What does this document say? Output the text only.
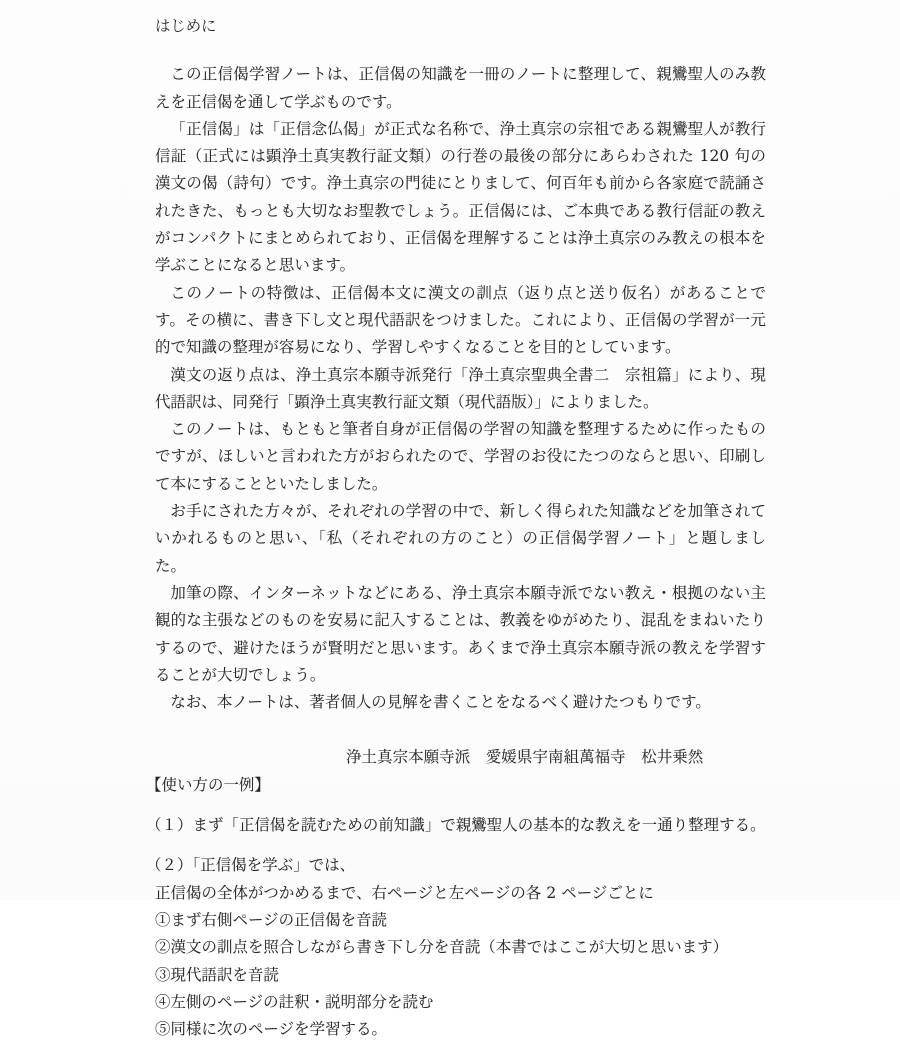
はじめに

この正信偈学習ノートは、正信偈の知識を一冊のノートに整理して、親鸞聖人のみ教えを正信偈を通して学ぶものです。

「正信偈」は「正信念仏偈」が正式な名称で、浄土真宗の宗祖である親鸞聖人が教行信証（正式には顕浄土真実教行証文類）の行巻の最後の部分にあらわされた 120 句の漢文の偈（詩句）です。浄土真宗の門徒にとりまして、何百年も前から各家庭で読誦されたきた、もっとも大切なお聖教でしょう。正信偈には、ご本典である教行信証の教えがコンパクトにまとめられており、正信偈を理解することは浄土真宗のみ教えの根本を学ぶことになると思います。

このノートの特徴は、正信偈本文に漢文の訓点（返り点と送り仮名）があることです。その横に、書き下し文と現代語訳をつけました。これにより、正信偈の学習が一元的で知識の整理が容易になり、学習しやすくなることを目的としています。

漢文の返り点は、浄土真宗本願寺派発行「浄土真宗聖典全書二　宗祖篇」により、現代語訳は、同発行「顕浄土真実教行証文類（現代語版）」によりました。

このノートは、もともと筆者自身が正信偈の学習の知識を整理するために作ったものですが、ほしいと言われた方がおられたので、学習のお役にたつのならと思い、印刷して本にすることといたしました。

お手にされた方々が、それぞれの学習の中で、新しく得られた知識などを加筆されていかれるものと思い、「私（それぞれの方のこと）の正信偈学習ノート」と題しました。

加筆の際、インターネットなどにある、浄土真宗本願寺派でない教え・根拠のない主観的な主張などのものを安易に記入することは、教義をゆがめたり、混乱をまねいたりするので、避けたほうが賢明だと思います。あくまで浄土真宗本願寺派の教えを学習することが大切でしょう。

なお、本ノートは、著者個人の見解を書くことをなるべく避けたつもりです。

浄土真宗本願寺派　愛媛県宇南組萬福寺　松井乗然
【使い方の一例】
（１）まず「正信偈を読むための前知識」で親鸞聖人の基本的な教えを一通り整理する。
（２）「正信偈を学ぶ」では、
正信偈の全体がつかめるまで、右ページと左ページの各 2 ページごとに
①まず右側ページの正信偈を音読
②漢文の訓点を照合しながら書き下し分を音読（本書ではここが大切と思います）
③現代語訳を音読
④左側のページの註釈・説明部分を読む
⑤同様に次のページを学習する。
